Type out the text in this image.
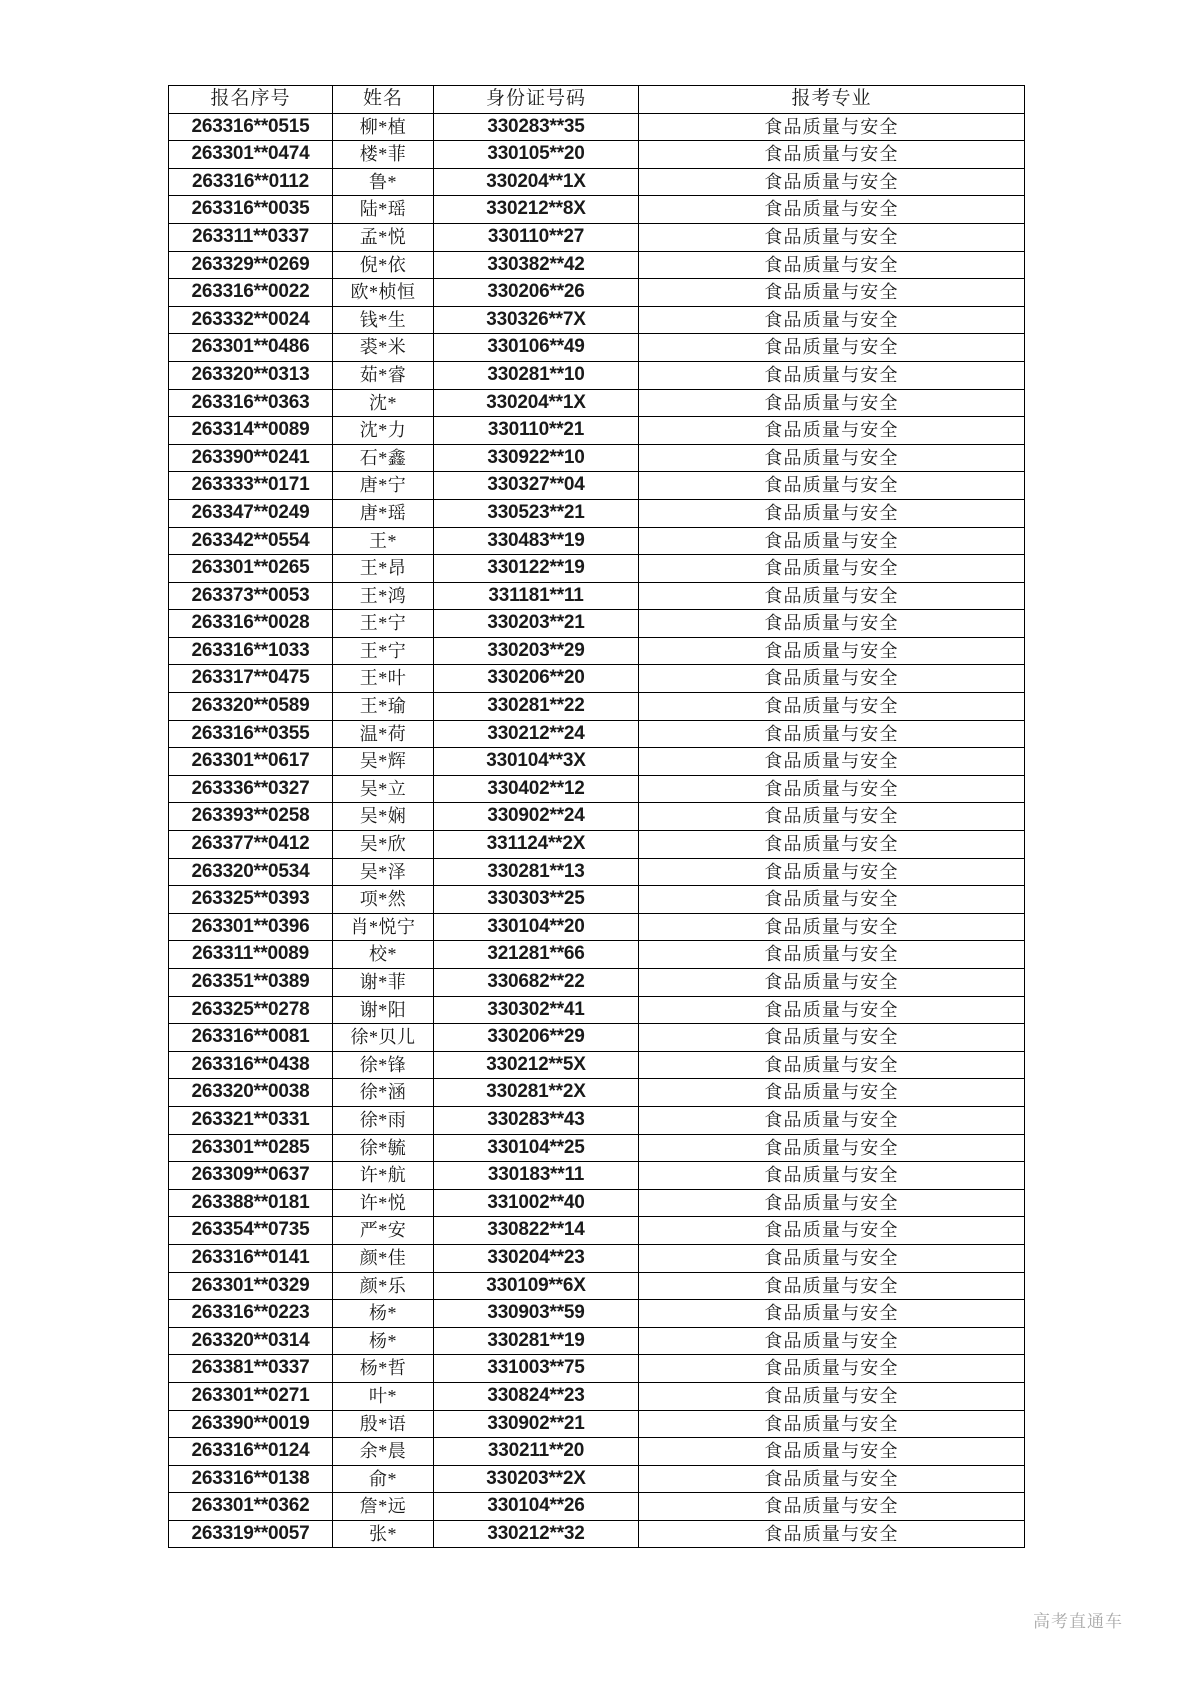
报名序号	姓名	身份证号码	报考专业
263316**0515	柳*植	330283**35	食品质量与安全
263301**0474	楼*菲	330105**20	食品质量与安全
263316**0112	鲁*	330204**1X	食品质量与安全
263316**0035	陆*瑶	330212**8X	食品质量与安全
263311**0337	孟*悦	330110**27	食品质量与安全
263329**0269	倪*依	330382**42	食品质量与安全
263316**0022	欧*桢恒	330206**26	食品质量与安全
263332**0024	钱*生	330326**7X	食品质量与安全
263301**0486	裘*米	330106**49	食品质量与安全
263320**0313	茹*睿	330281**10	食品质量与安全
263316**0363	沈*	330204**1X	食品质量与安全
263314**0089	沈*力	330110**21	食品质量与安全
263390**0241	石*鑫	330922**10	食品质量与安全
263333**0171	唐*宁	330327**04	食品质量与安全
263347**0249	唐*瑶	330523**21	食品质量与安全
263342**0554	王*	330483**19	食品质量与安全
263301**0265	王*昂	330122**19	食品质量与安全
263373**0053	王*鸿	331181**11	食品质量与安全
263316**0028	王*宁	330203**21	食品质量与安全
263316**1033	王*宁	330203**29	食品质量与安全
263317**0475	王*叶	330206**20	食品质量与安全
263320**0589	王*瑜	330281**22	食品质量与安全
263316**0355	温*荷	330212**24	食品质量与安全
263301**0617	吴*辉	330104**3X	食品质量与安全
263336**0327	吴*立	330402**12	食品质量与安全
263393**0258	吴*娴	330902**24	食品质量与安全
263377**0412	吴*欣	331124**2X	食品质量与安全
263320**0534	吴*泽	330281**13	食品质量与安全
263325**0393	项*然	330303**25	食品质量与安全
263301**0396	肖*悦宁	330104**20	食品质量与安全
263311**0089	校*	321281**66	食品质量与安全
263351**0389	谢*菲	330682**22	食品质量与安全
263325**0278	谢*阳	330302**41	食品质量与安全
263316**0081	徐*贝儿	330206**29	食品质量与安全
263316**0438	徐*锋	330212**5X	食品质量与安全
263320**0038	徐*涵	330281**2X	食品质量与安全
263321**0331	徐*雨	330283**43	食品质量与安全
263301**0285	徐*毓	330104**25	食品质量与安全
263309**0637	许*航	330183**11	食品质量与安全
263388**0181	许*悦	331002**40	食品质量与安全
263354**0735	严*安	330822**14	食品质量与安全
263316**0141	颜*佳	330204**23	食品质量与安全
263301**0329	颜*乐	330109**6X	食品质量与安全
263316**0223	杨*	330903**59	食品质量与安全
263320**0314	杨*	330281**19	食品质量与安全
263381**0337	杨*哲	331003**75	食品质量与安全
263301**0271	叶*	330824**23	食品质量与安全
263390**0019	殷*语	330902**21	食品质量与安全
263316**0124	余*晨	330211**20	食品质量与安全
263316**0138	俞*	330203**2X	食品质量与安全
263301**0362	詹*远	330104**26	食品质量与安全
263319**0057	张*	330212**32	食品质量与安全
高考直通车
